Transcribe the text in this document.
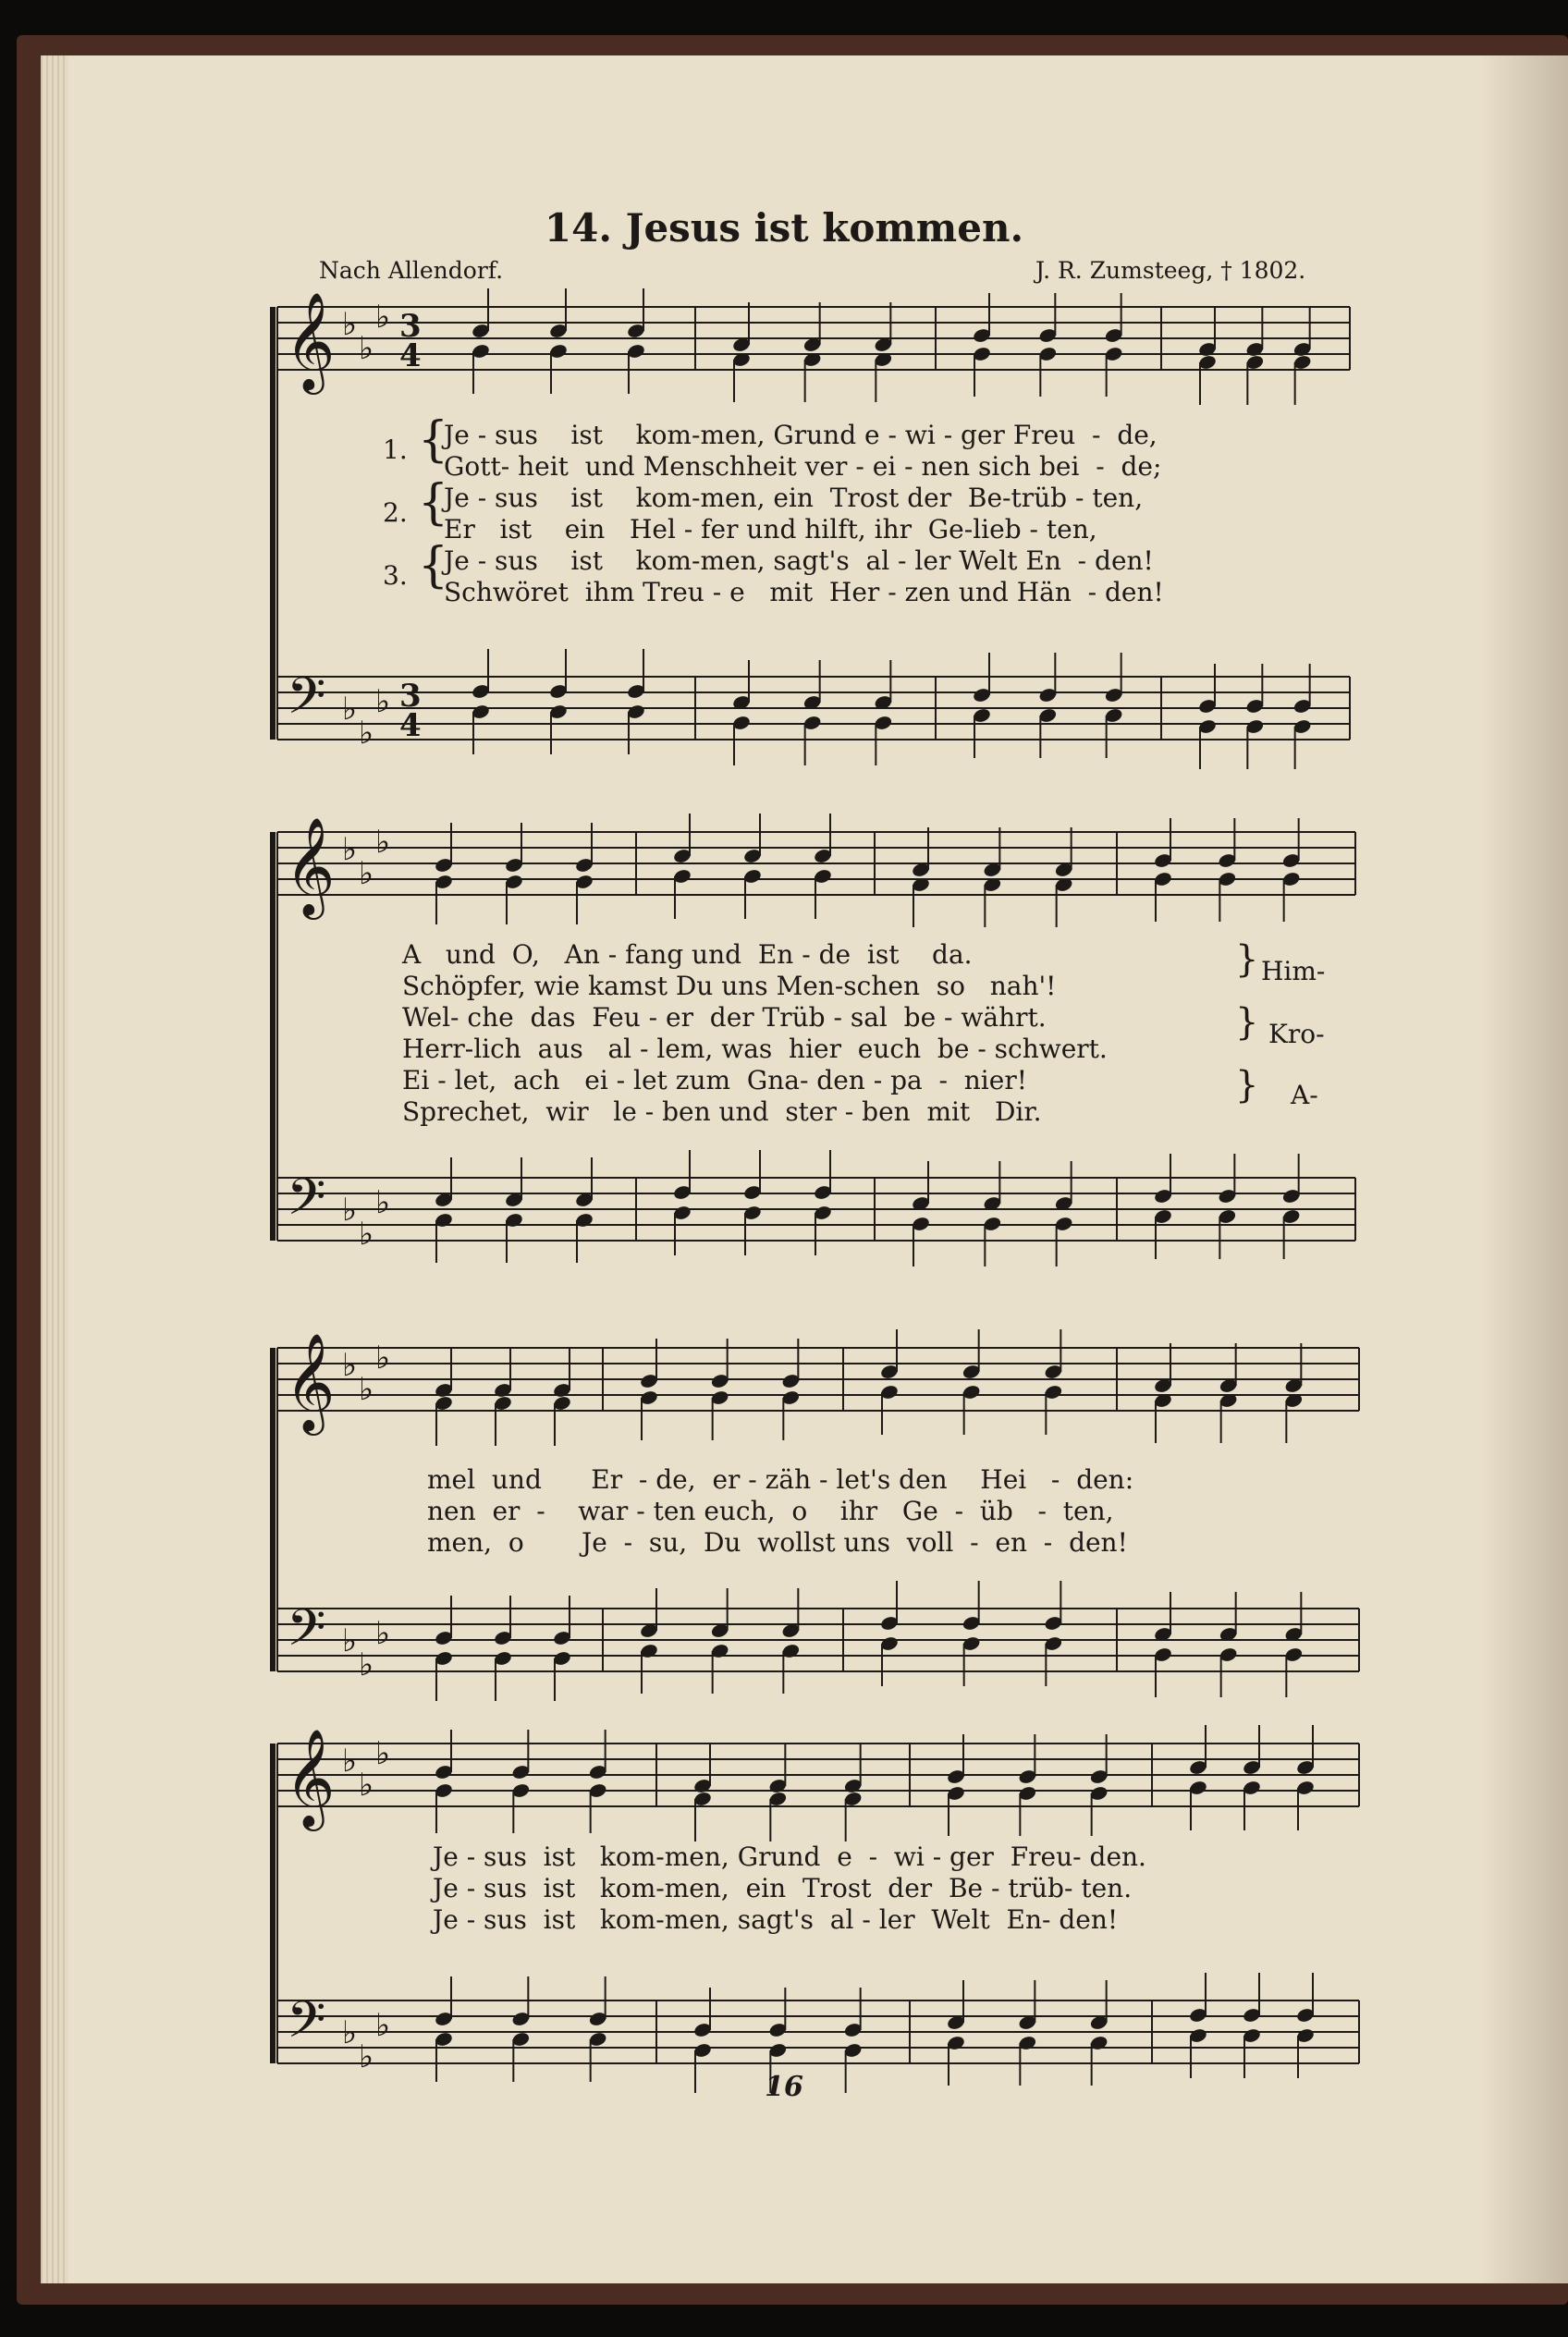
14. Jesus ist kommen.
Nach Allendorf.	J. R. Zumsteeg, † 1802.
𝄞
𝄢
♭
♭
♭
♭
♭
♭
3
4
3
4
𝄞
𝄢
♭
♭
♭
♭
♭
♭
𝄞
𝄢
♭
♭
♭
♭
♭
♭
𝄞
𝄢
♭
♭
♭
♭
♭
♭
1.
2.
3.
{
{
{
Je - sus    ist    kom-men, Grund e - wi - ger Freu  -  de,
Gott- heit  und Menschheit ver - ei - nen sich bei  -  de;
Je - sus    ist    kom-men, ein  Trost der  Be-trüb - ten,
Er   ist    ein   Hel - fer und hilft, ihr  Ge-lieb - ten,
Je - sus    ist    kom-men, sagt's  al - ler Welt En  - den!
Schwöret  ihm Treu - e   mit  Her - zen und Hän  - den!
A   und  O,   An - fang und  En - de  ist    da.
Schöpfer, wie kamst Du uns Men-schen  so   nah'!
Wel- che  das  Feu - er  der Trüb - sal  be - währt.
Herr-lich  aus   al - lem, was  hier  euch  be - schwert.
Ei - let,  ach   ei - let zum  Gna- den - pa  -  nier!
Sprechet,  wir   le - ben und  ster - ben  mit   Dir.
}
}
}
Him-
Kro-
A-
mel  und      Er  - de,  er - zäh - let's den    Hei   -  den:
nen  er  -    war - ten euch,  o    ihr   Ge  -  üb   -  ten,
men,  o       Je  -  su,  Du  wollst uns  voll  -  en  -  den!
Je - sus  ist   kom-men, Grund  e  -  wi - ger  Freu- den.
Je - sus  ist   kom-men,  ein  Trost  der  Be - trüb- ten.
Je - sus  ist   kom-men, sagt's  al - ler  Welt  En- den!
16
